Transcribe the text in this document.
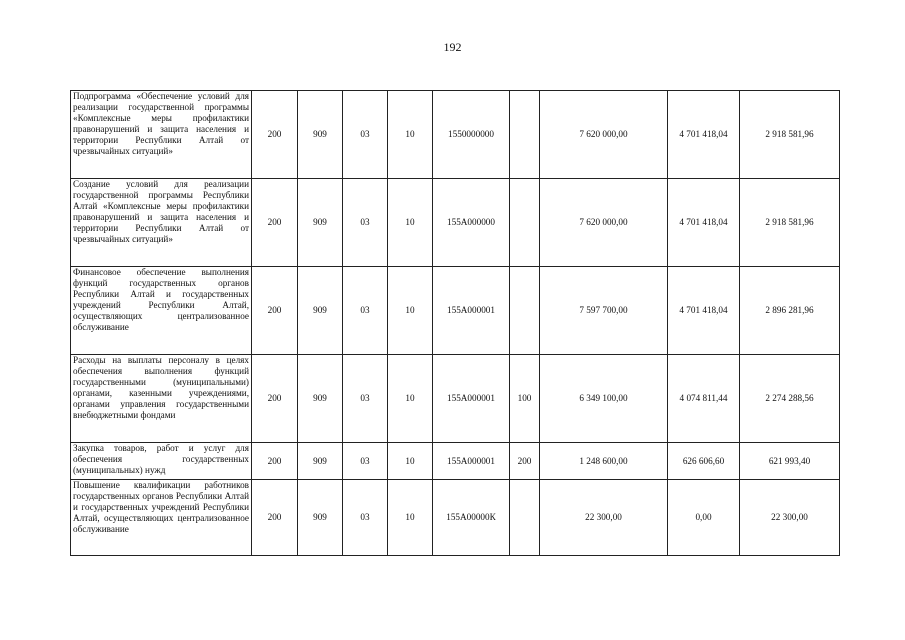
192
Подпрограмма «Обеспечение условий для реализации государственной программы «Комплексные меры профилактики правонарушений и защита населения и территории Республики Алтай от чрезвычайных ситуаций»	200	909	03	10	1550000000		7 620 000,00	4 701 418,04	2 918 581,96
Создание условий для реализации государственной программы Республики Алтай «Комплексные меры профилактики правонарушений и защита населения и территории Республики Алтай от чрезвычайных ситуаций»	200	909	03	10	155А000000		7 620 000,00	4 701 418,04	2 918 581,96
Финансовое обеспечение выполнения функций государственных органов Республики Алтай и государственных учреждений Республики Алтай, осуществляющих централизованное обслуживание	200	909	03	10	155А000001		7 597 700,00	4 701 418,04	2 896 281,96
Расходы на выплаты персоналу в целях обеспечения выполнения функций государственными (муниципальными) органами, казенными учреждениями, органами управления государственными внебюджетными фондами	200	909	03	10	155А000001	100	6 349 100,00	4 074 811,44	2 274 288,56
Закупка товаров, работ и услуг для обеспечения государственных (муниципальных) нужд	200	909	03	10	155А000001	200	1 248 600,00	626 606,60	621 993,40
Повышение квалификации работников государственных органов Республики Алтай и государственных учреждений Республики Алтай, осуществляющих централизованное обслуживание	200	909	03	10	155А00000К		22 300,00	0,00	22 300,00
